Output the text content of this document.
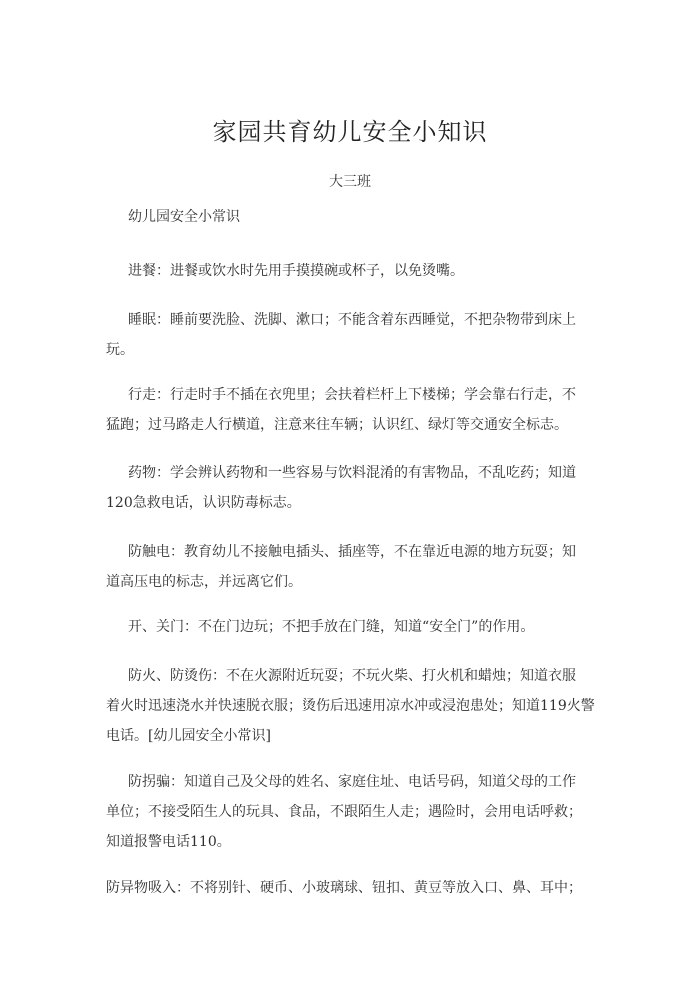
家园共育幼儿安全小知识
大三班
幼儿园安全小常识
进餐：进餐或饮水时先用手摸摸碗或杯子，以免烫嘴。
睡眠：睡前要洗脸、洗脚、漱口；不能含着东西睡觉，不把杂物带到床上
玩。
行走：行走时手不插在衣兜里；会扶着栏杆上下楼梯；学会靠右行走，不
猛跑；过马路走人行横道，注意来往车辆；认识红、绿灯等交通安全标志。
药物：学会辨认药物和一些容易与饮料混淆的有害物品，不乱吃药；知道
120急救电话，认识防毒标志。
防触电：教育幼儿不接触电插头、插座等，不在靠近电源的地方玩耍；知
道高压电的标志，并远离它们。
开、关门：不在门边玩；不把手放在门缝，知道“安全门”的作用。
防火、防烫伤：不在火源附近玩耍；不玩火柴、打火机和蜡烛；知道衣服
着火时迅速浇水并快速脱衣服；烫伤后迅速用凉水冲或浸泡患处；知道119火警
电话。[幼儿园安全小常识]
防拐骗：知道自己及父母的姓名、家庭住址、电话号码，知道父母的工作
单位；不接受陌生人的玩具、食品，不跟陌生人走；遇险时，会用电话呼救；
知道报警电话110。
防异物吸入：不将别针、硬币、小玻璃球、钮扣、黄豆等放入口、鼻、耳中；
